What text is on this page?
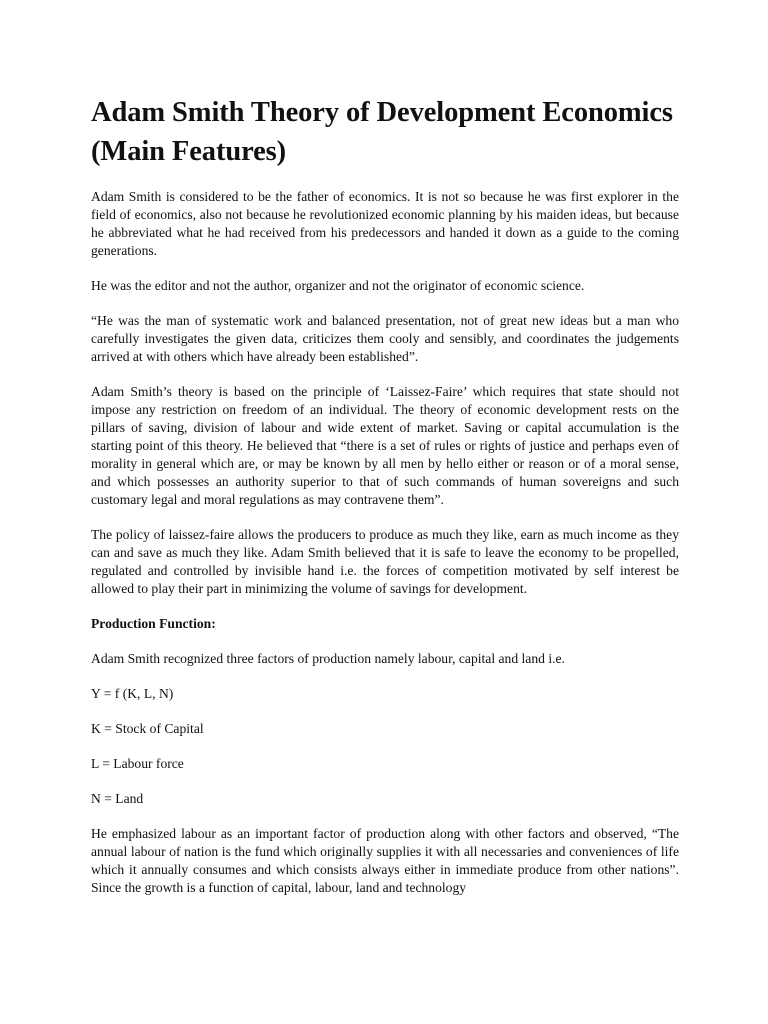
Adam Smith Theory of Development Economics (Main Features)

Adam Smith is considered to be the father of economics. It is not so because he was first explorer in the field of economics, also not because he revolutionized economic planning by his maiden ideas, but because he abbreviated what he had received from his predecessors and handed it down as a guide to the coming generations.

He was the editor and not the author, organizer and not the originator of economic science.

“He was the man of systematic work and balanced presentation, not of great new ideas but a man who carefully investigates the given data, criticizes them cooly and sensibly, and coordinates the judgements arrived at with others which have already been established”.

Adam Smith’s theory is based on the principle of ‘Laissez-Faire’ which requires that state should not impose any restriction on freedom of an individual. The theory of economic development rests on the pillars of saving, division of labour and wide extent of market. Saving or capital accumulation is the starting point of this theory. He believed that “there is a set of rules or rights of justice and perhaps even of morality in general which are, or may be known by all men by hello either or reason or of a moral sense, and which possesses an authority superior to that of such commands of human sovereigns and such customary legal and moral regulations as may contravene them”.

The policy of laissez-faire allows the producers to produce as much they like, earn as much income as they can and save as much they like. Adam Smith believed that it is safe to leave the economy to be propelled, regulated and controlled by invisible hand i.e. the forces of competition motivated by self interest be allowed to play their part in minimizing the volume of savings for development.

Production Function:

Adam Smith recognized three factors of production namely labour, capital and land i.e.

Y = f (K, L, N)

K = Stock of Capital

L = Labour force

N = Land

He emphasized labour as an important factor of production along with other factors and observed, “The annual labour of nation is the fund which originally supplies it with all necessaries and conveniences of life which it annually consumes and which consists always either in immediate produce from other nations”. Since the growth is a function of capital, labour, land and technology
